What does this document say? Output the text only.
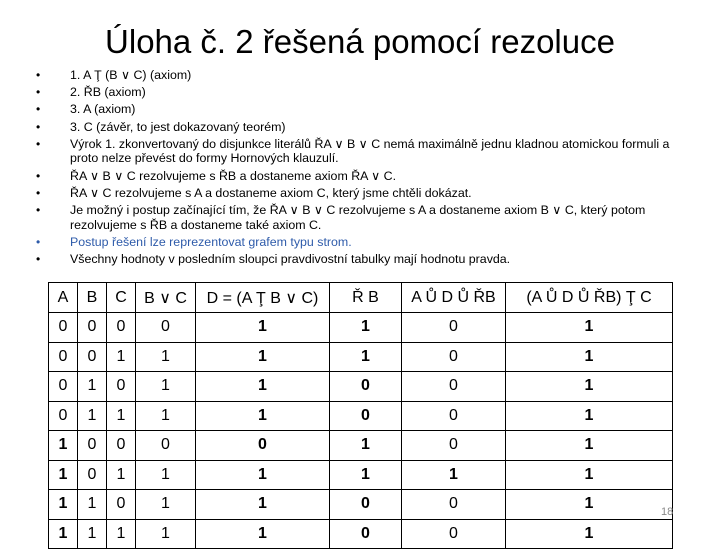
Úloha č. 2 řešená pomocí rezoluce
• 1. A Ţ (B ∨ C) (axiom)
• 2. ŘB (axiom)
• 3. A (axiom)
• 3. C (závěr, to jest dokazovaný teorém)
• Výrok 1. zkonvertovaný do disjunkce literálů ŘA ∨ B ∨ C nemá maximálně jednu kladnou atomickou formuli a proto nelze převést do formy Hornových klauzulí.
• ŘA ∨ B ∨ C rezolvujeme s ŘB a dostaneme axiom ŘA ∨ C.
• ŘA ∨ C rezolvujeme s A a dostaneme axiom C, který jsme chtěli dokázat.
• Je možný i postup začínající tím, že ŘA ∨ B ∨ C rezolvujeme s A a dostaneme axiom B ∨ C, který potom rezolvujeme s ŘB a dostaneme také axiom C.
• Postup řešení lze reprezentovat grafem typu strom.
• Všechny hodnoty v posledním sloupci pravdivostní tabulky mají hodnotu pravda.
A	B	C	B ∨ C	D = (A Ţ B ∨ C)	Ř B	A Ů D Ů ŘB	(A Ů D Ů ŘB) Ţ C
0	0	0	0	1	1	0	1
0	0	1	1	1	1	0	1
0	1	0	1	1	0	0	1
0	1	1	1	1	0	0	1
1	0	0	0	0	1	0	1
1	0	1	1	1	1	1	1
1	1	0	1	1	0	0	1
1	1	1	1	1	0	0	1
18
